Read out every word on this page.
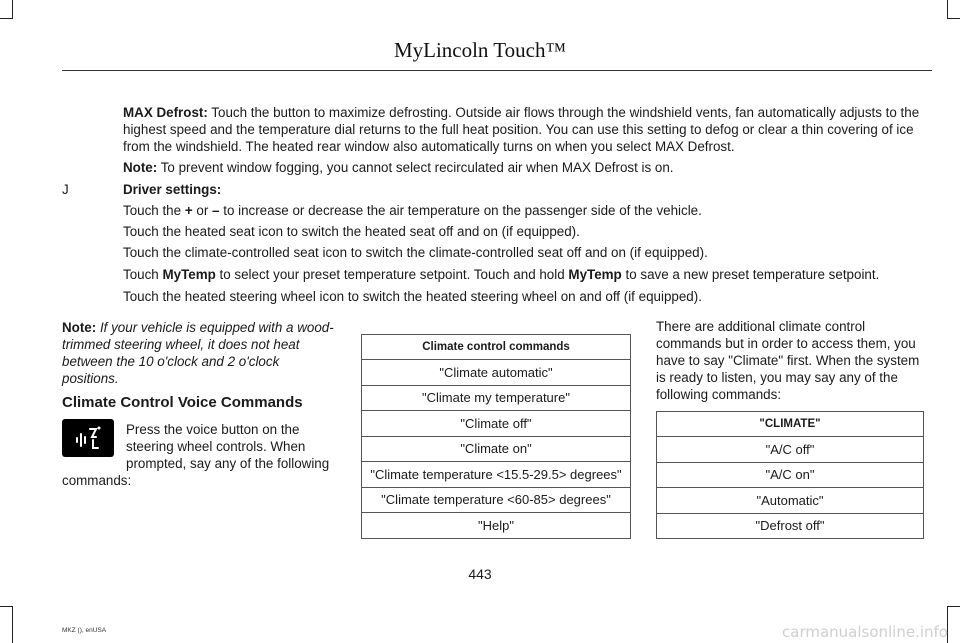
MyLincoln Touch™
MAX Defrost: Touch the button to maximize defrosting. Outside air flows through the windshield vents, fan automatically adjusts to the highest speed and the temperature dial returns to the full heat position. You can use this setting to defog or clear a thin covering of ice from the windshield. The heated rear window also automatically turns on when you select MAX Defrost.
Note: To prevent window fogging, you cannot select recirculated air when MAX Defrost is on.
J	Driver settings:
Touch the + or – to increase or decrease the air temperature on the passenger side of the vehicle.
Touch the heated seat icon to switch the heated seat off and on (if equipped).
Touch the climate-controlled seat icon to switch the climate-controlled seat off and on (if equipped).
Touch MyTemp to select your preset temperature setpoint. Touch and hold MyTemp to save a new preset temperature setpoint.
Touch the heated steering wheel icon to switch the heated steering wheel on and off (if equipped).
Note: If your vehicle is equipped with a wood-trimmed steering wheel, it does not heat between the 10 o'clock and 2 o'clock positions.
Climate Control Voice Commands
Press the voice button on the steering wheel controls. When prompted, say any of the following
commands:
Climate control commands
"Climate automatic"
"Climate my temperature"
"Climate off"
"Climate on"
"Climate temperature <15.5-29.5> degrees"
"Climate temperature <60-85> degrees"
"Help"
There are additional climate control commands but in order to access them, you have to say "Climate" first. When the system is ready to listen, you may say any of the following commands:
"CLIMATE"
"A/C off"
"A/C on"
"Automatic"
"Defrost off"
443
MKZ (), enUSA	carmanualsonline.info
